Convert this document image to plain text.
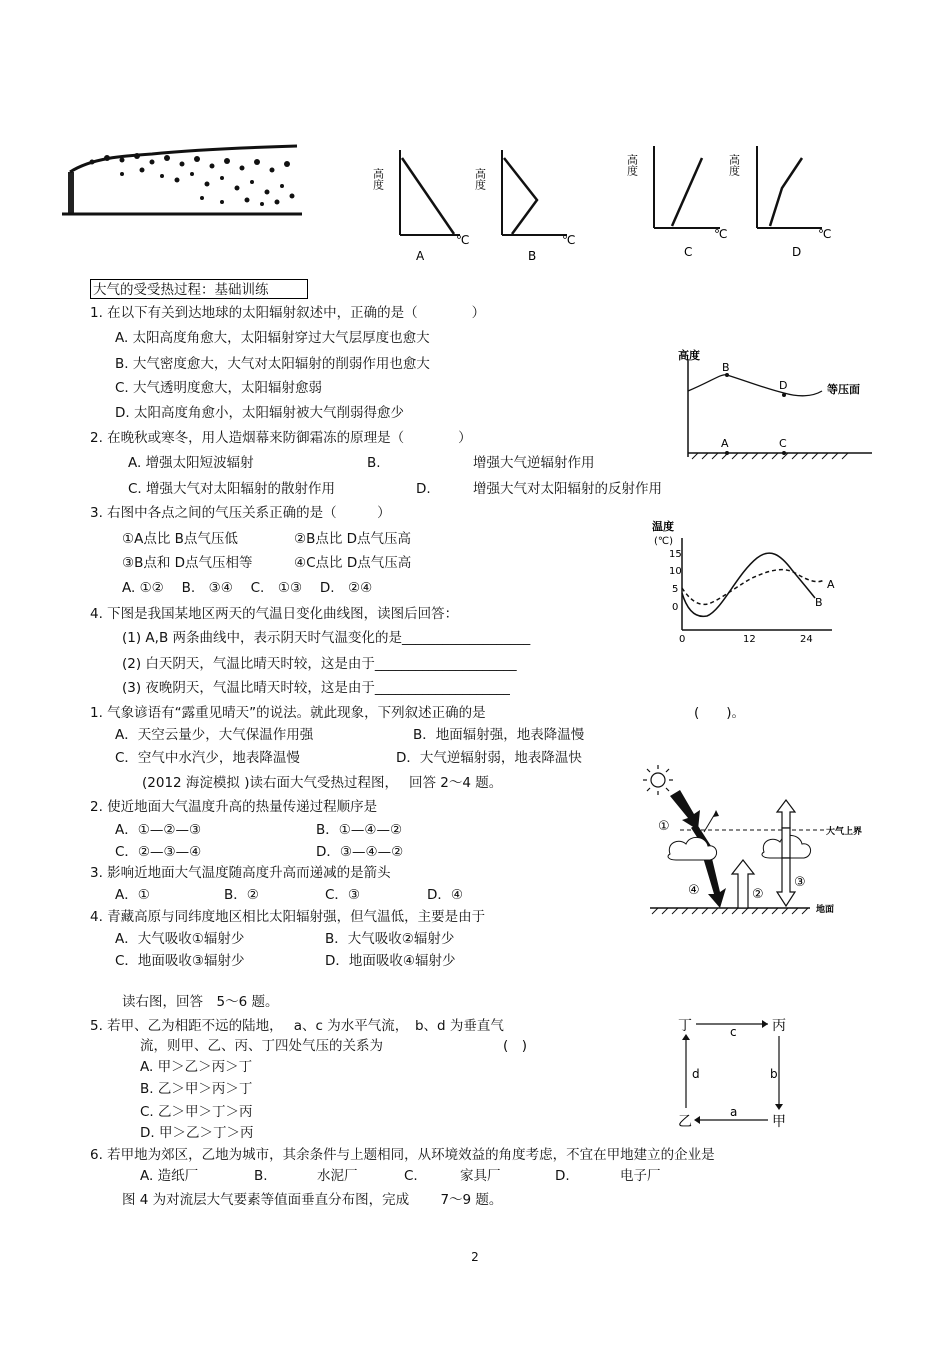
高度
℃
A
高度
℃
B
高度
℃
C
高度
℃
D
大气的受受热过程：基础训练
1. 在以下有关到达地球的太阳辐射叙述中，正确的是（　　　　）
A. 太阳高度角愈大，太阳辐射穿过大气层厚度也愈大
B. 大气密度愈大，大气对太阳辐射的削弱作用也愈大
C. 大气透明度愈大，太阳辐射愈弱
D. 太阳高度角愈小，太阳辐射被大气削弱得愈少
2. 在晚秋或寒冬，用人造烟幕来防御霜冻的原理是（　　　　）
A. 增强太阳短波辐射	B.	增强大气逆辐射作用
C. 增强大气对太阳辐射的散射作用	D.	增强大气对太阳辐射的反射作用
3. 右图中各点之间的气压关系正确的是（　　　）
①A点比 B点气压低	②B点比 D点气压高
③B点和 D点气压相等	④C点比 D点气压高
A. ①②　 B.　③④　 C.　①③　 D.　②④
4. 下图是我国某地区两天的气温日变化曲线图，读图后回答：
(1) A,B 两条曲线中，表示阴天时气温变化的是___________________
(2) 白天阴天，气温比晴天时较，这是由于_____________________
(3) 夜晚阴天，气温比晴天时较，这是由于____________________
1. 气象谚语有“露重见晴天”的说法。就此现象，下列叙述正确的是	(　　)。
A．天空云量少，大气保温作用强	B．地面辐射强，地表降温慢
C．空气中水汽少，地表降温慢	D．大气逆辐射弱，地表降温快
(2012 海淀模拟 )读右面大气受热过程图，　 回答 2～4 题。
2. 使近地面大气温度升高的热量传递过程顺序是
A．①—②—③	B．①—④—②
C．②—③—④	D．③—④—②
3. 影响近地面大气温度随高度升高而递减的是箭头
A．①	B．②	C．③	D．④
4. 青藏高原与同纬度地区相比太阳辐射强，但气温低，主要是由于
A．大气吸收①辐射少	B．大气吸收②辐射少
C．地面吸收③辐射少	D．地面吸收④辐射少
读右图，回答　5～6 题。
5. 若甲、乙为相距不远的陆地，　 a、c 为水平气流，　b、d 为垂直气
流，则甲、乙、丙、丁四处气压的关系为	(　)
A. 甲＞乙＞丙＞丁
B. 乙＞甲＞丙＞丁
C. 乙＞甲＞丁＞丙
D. 甲＞乙＞丁＞丙
6. 若甲地为郊区，乙地为城市，其余条件与上题相同，从环境效益的角度考虑，不宜在甲地建立的企业是
A. 造纸厂	B.	水泥厂	C.	家具厂	D.	电子厂
图 4 为对流层大气要素等值面垂直分布图，完成　　 7～9 题。
高度
B
D
A	C
等压面
温度
(℃)
15
10
5
0
0	12	24
A
B
大气上界
地面
①
②
③
④
丁	丙
乙	甲
c
b
a
d
2
